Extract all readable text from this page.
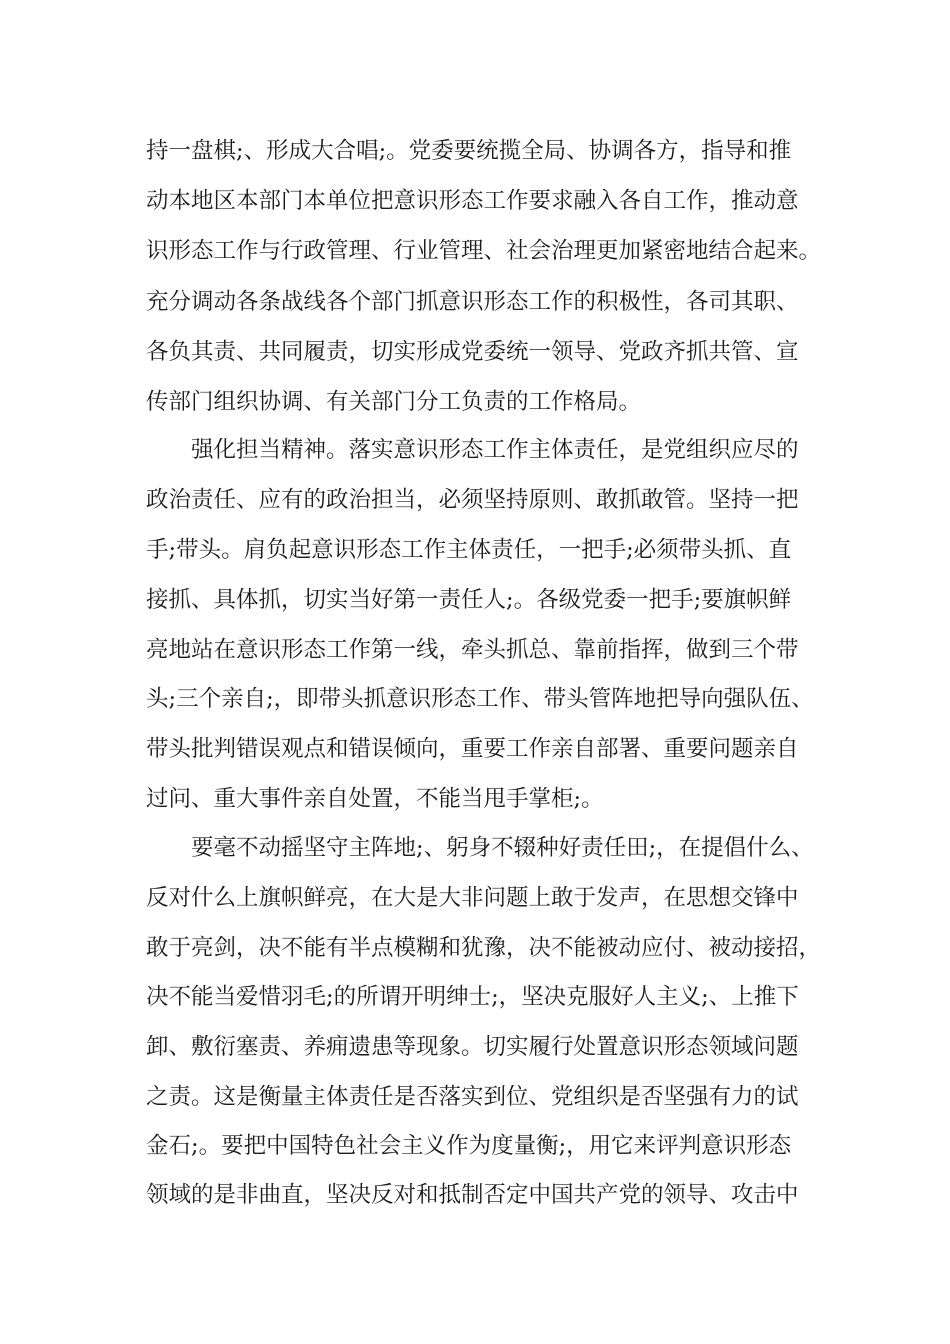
持一盘棋;、形成大合唱;。党委要统揽全局、协调各方，指导和推
动本地区本部门本单位把意识形态工作要求融入各自工作，推动意
识形态工作与行政管理、行业管理、社会治理更加紧密地结合起来。
充分调动各条战线各个部门抓意识形态工作的积极性，各司其职、
各负其责、共同履责，切实形成党委统一领导、党政齐抓共管、宣
传部门组织协调、有关部门分工负责的工作格局。
强化担当精神。落实意识形态工作主体责任，是党组织应尽的
政治责任、应有的政治担当，必须坚持原则、敢抓敢管。坚持一把
手;带头。肩负起意识形态工作主体责任，一把手;必须带头抓、直
接抓、具体抓，切实当好第一责任人;。各级党委一把手;要旗帜鲜
亮地站在意识形态工作第一线，牵头抓总、靠前指挥，做到三个带
头;三个亲自;，即带头抓意识形态工作、带头管阵地把导向强队伍、
带头批判错误观点和错误倾向，重要工作亲自部署、重要问题亲自
过问、重大事件亲自处置，不能当甩手掌柜;。
要毫不动摇坚守主阵地;、躬身不辍种好责任田;，在提倡什么、
反对什么上旗帜鲜亮，在大是大非问题上敢于发声，在思想交锋中
敢于亮剑，决不能有半点模糊和犹豫，决不能被动应付、被动接招，
决不能当爱惜羽毛;的所谓开明绅士;，坚决克服好人主义;、上推下
卸、敷衍塞责、养痈遗患等现象。切实履行处置意识形态领域问题
之责。这是衡量主体责任是否落实到位、党组织是否坚强有力的试
金石;。要把中国特色社会主义作为度量衡;，用它来评判意识形态
领域的是非曲直，坚决反对和抵制否定中国共产党的领导、攻击中
